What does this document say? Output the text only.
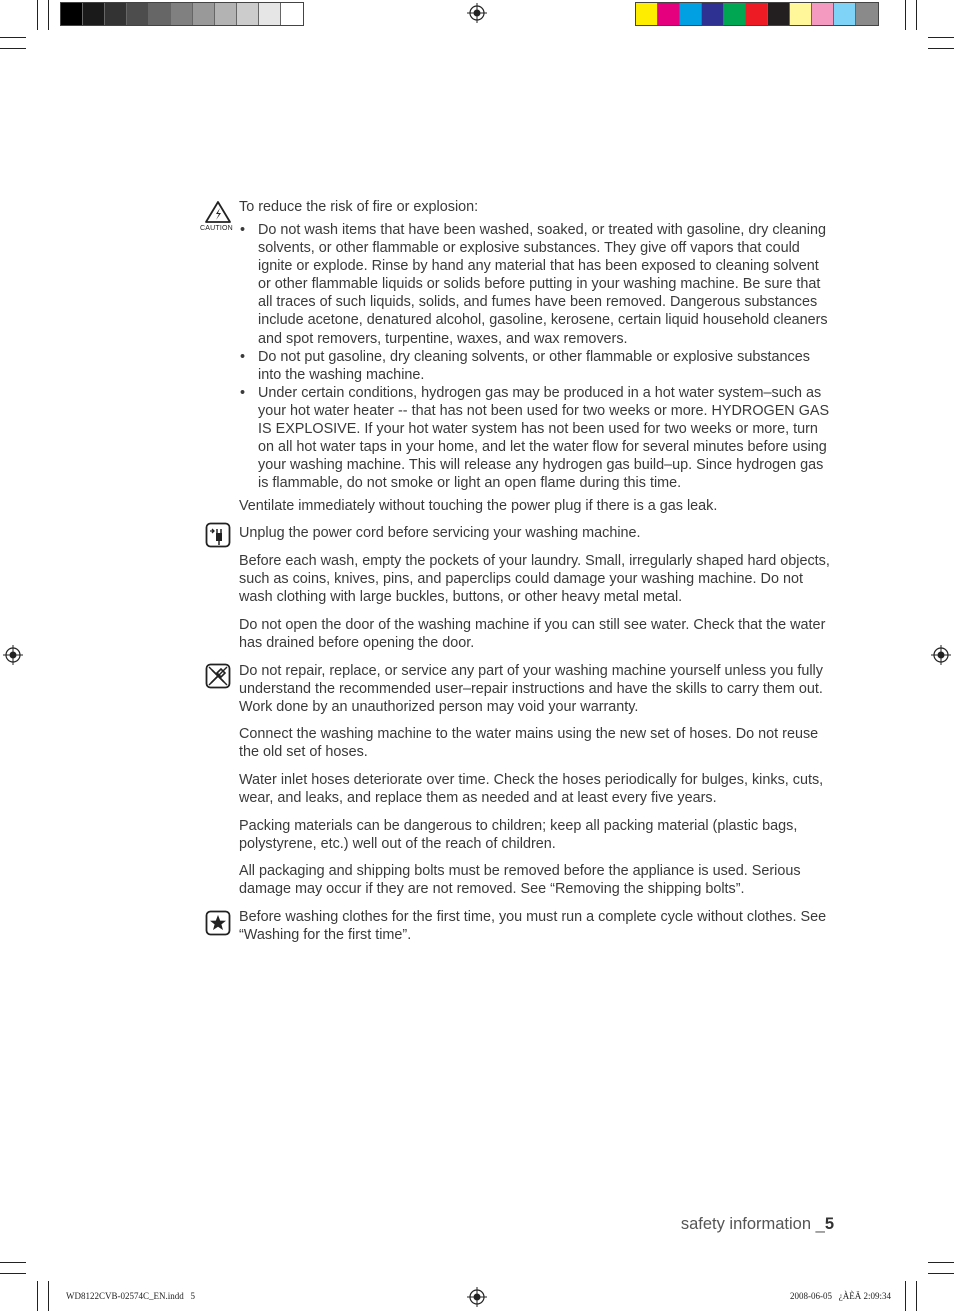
CAUTION
To reduce the risk of fire or explosion:
• Do not wash items that have been washed, soaked, or treated with gasoline, dry cleaning solvents, or other flammable or explosive substances. They give off vapors that could ignite or explode. Rinse by hand any material that has been exposed to cleaning solvent or other flammable liquids or solids before putting in your washing machine. Be sure that all traces of such liquids, solids, and fumes have been removed. Dangerous substances include acetone, denatured alcohol, gasoline, kerosene, certain liquid household cleaners and spot removers, turpentine, waxes, and wax removers.
• Do not put gasoline, dry cleaning solvents, or other flammable or explosive substances into the washing machine.
• Under certain conditions, hydrogen gas may be produced in a hot water system–such as your hot water heater -- that has not been used for two weeks or more. HYDROGEN GAS IS EXPLOSIVE. If your hot water system has not been used for two weeks or more, turn on all hot water taps in your home, and let the water flow for several minutes before using your washing machine. This will release any hydrogen gas build–up. Since hydrogen gas is flammable, do not smoke or light an open flame during this time.
Ventilate immediately without touching the power plug if there is a gas leak.
Unplug the power cord before servicing your washing machine.
Before each wash, empty the pockets of your laundry. Small, irregularly shaped hard objects, such as coins, knives, pins, and paperclips could damage your washing machine. Do not wash clothing with large buckles, buttons, or other heavy metal metal.
Do not open the door of the washing machine if you can still see water. Check that the water has drained before opening the door.
Do not repair, replace, or service any part of your washing machine yourself unless you fully understand the recommended user–repair instructions and have the skills to carry them out. Work done by an unauthorized person may void your warranty.
Connect the washing machine to the water mains using the new set of hoses. Do not reuse the old set of hoses.
Water inlet hoses deteriorate over time. Check the hoses periodically for bulges, kinks, cuts, wear, and leaks, and replace them as needed and at least every five years.
Packing materials can be dangerous to children; keep all packing material (plastic bags, polystyrene, etc.) well out of the reach of children.
All packaging and shipping bolts must be removed before the appliance is used. Serious damage may occur if they are not removed. See “Removing the shipping bolts”.
Before washing clothes for the first time, you must run a complete cycle without clothes. See “Washing for the first time”.
safety information _5
WD8122CVB-02574C_EN.indd   5	2008-06-05   ¿ÀÈÄ 2:09:34
